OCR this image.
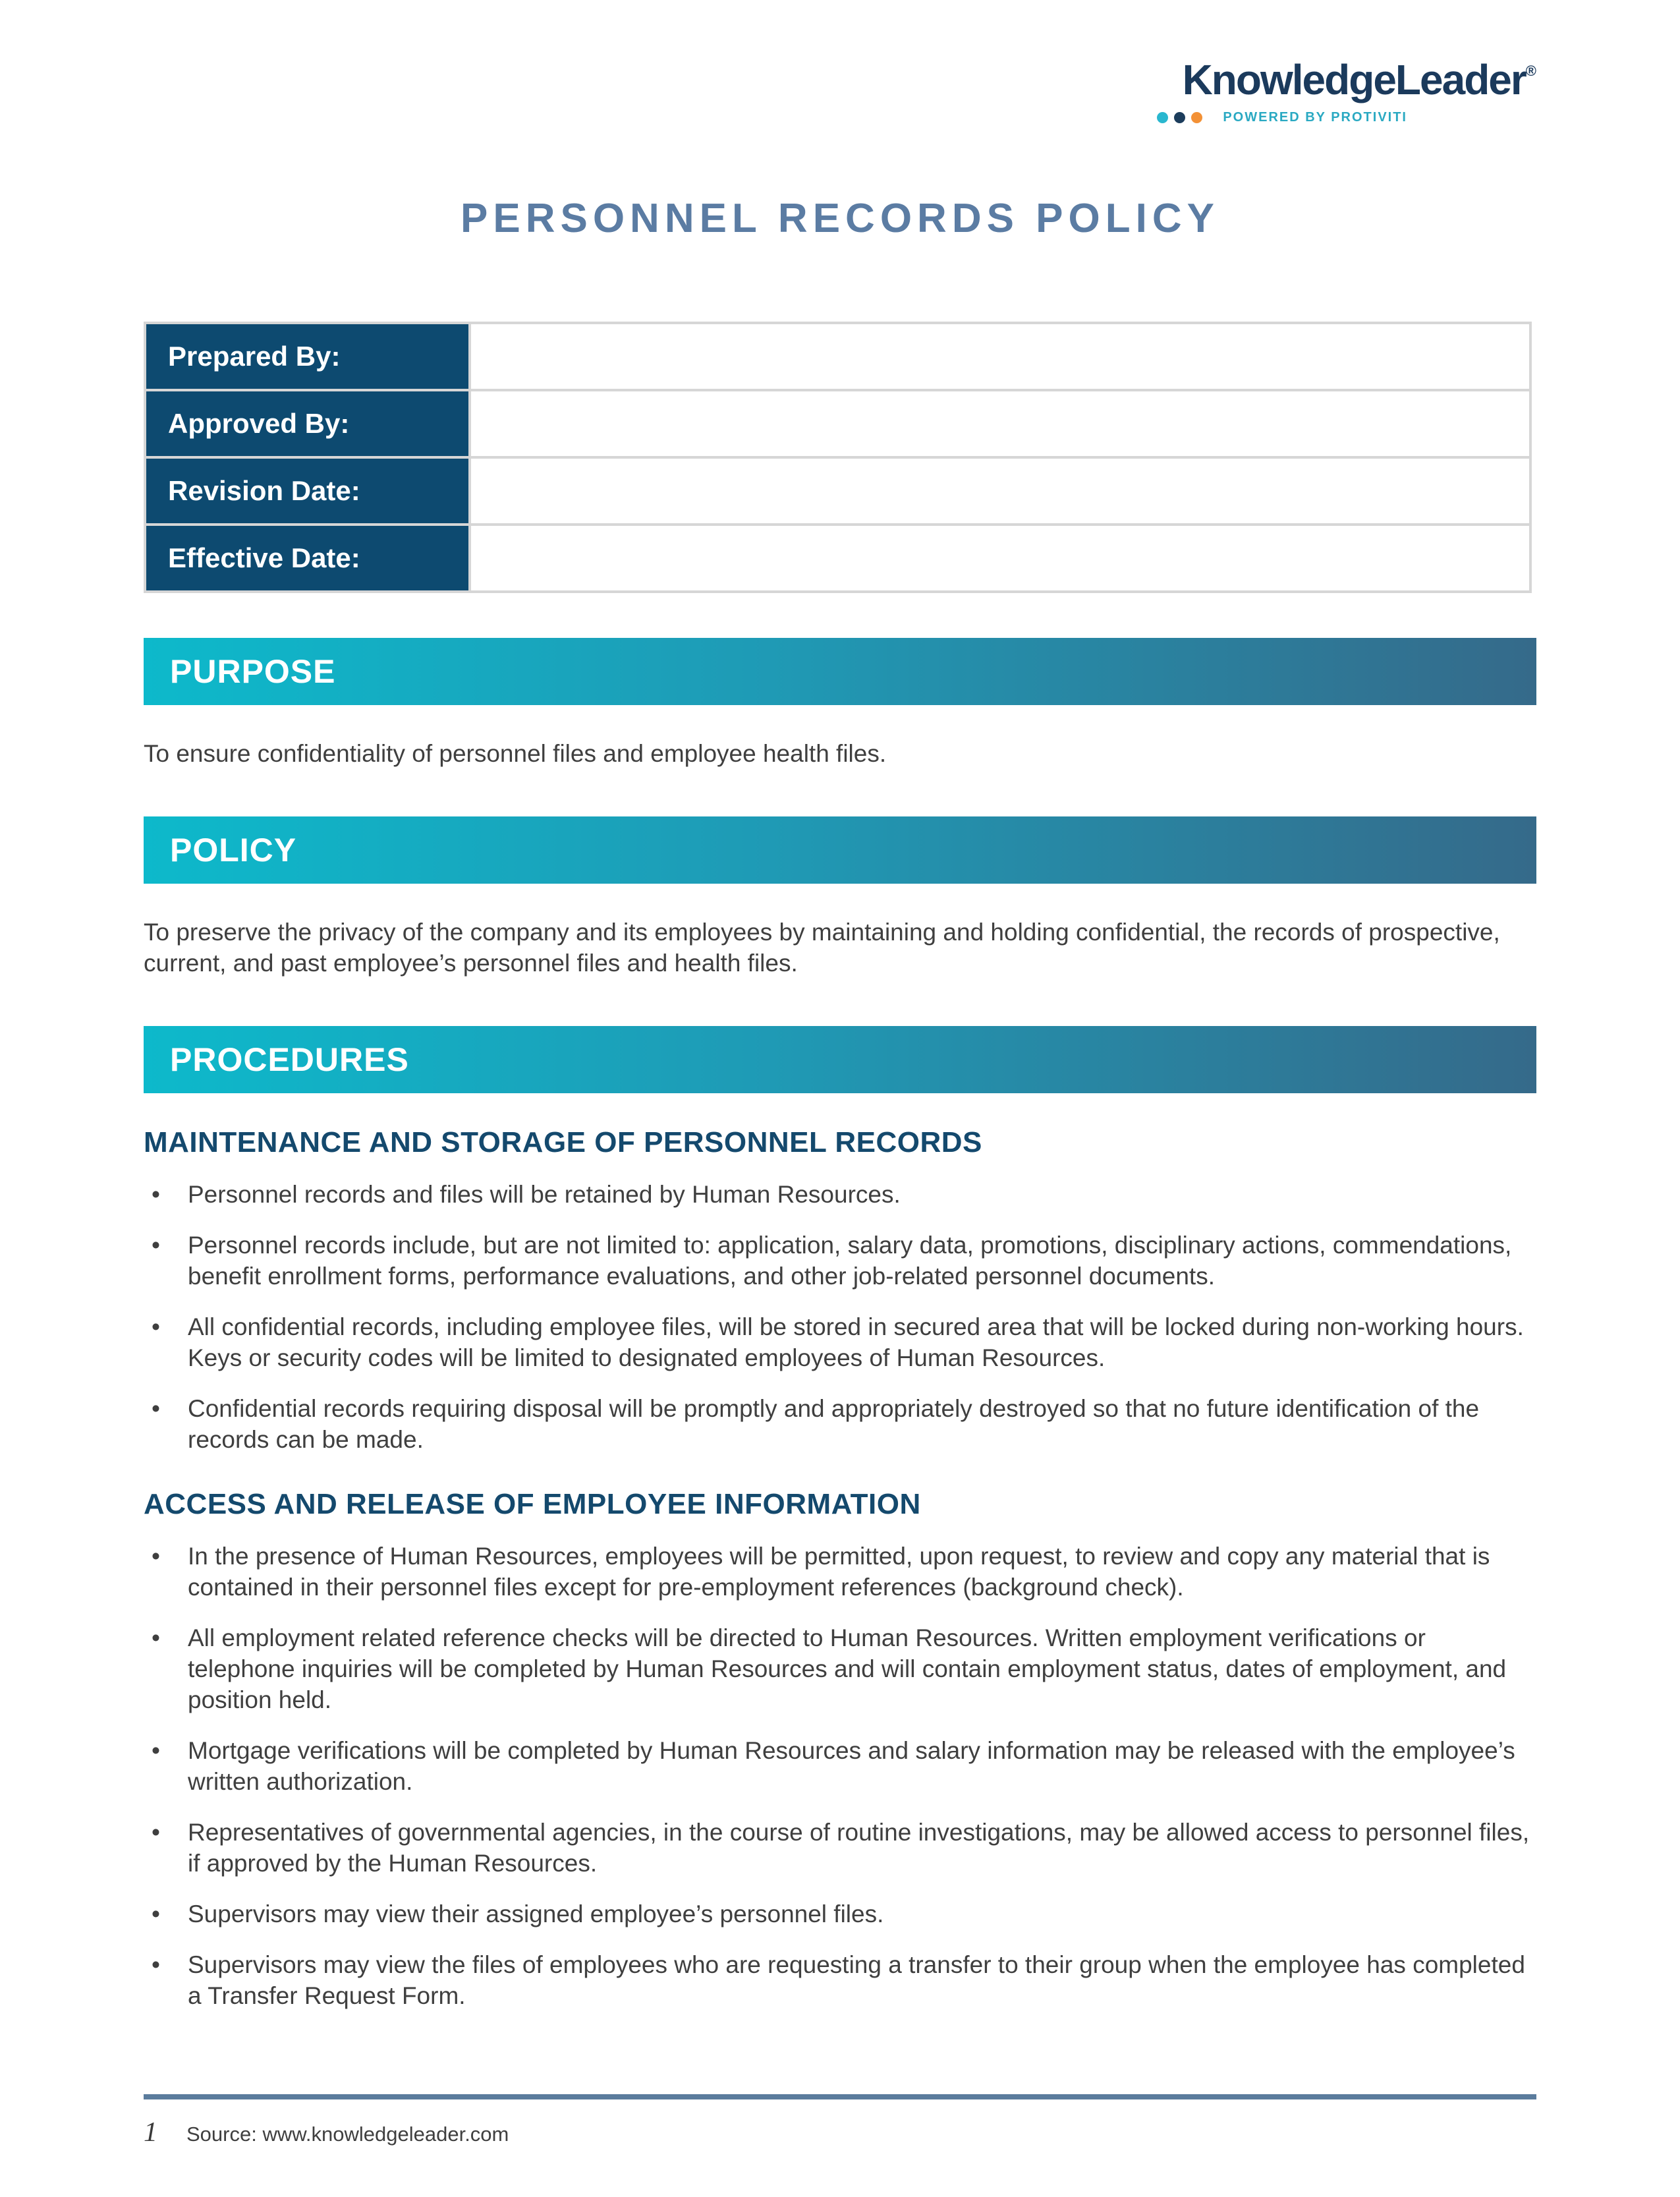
KnowledgeLeader®
POWERED BY PROTIVITI
PERSONNEL RECORDS POLICY
Prepared By:	
Approved By:	
Revision Date:	
Effective Date:	
PURPOSE

To ensure confidentiality of personnel files and employee health files.

POLICY

To preserve the privacy of the company and its employees by maintaining and holding confidential, the records of prospective, current, and past employee’s personnel files and health files.

PROCEDURES
MAINTENANCE AND STORAGE OF PERSONNEL RECORDS
• Personnel records and files will be retained by Human Resources.
• Personnel records include, but are not limited to: application, salary data, promotions, disciplinary actions, commendations, benefit enrollment forms, performance evaluations, and other job-related personnel documents.
• All confidential records, including employee files, will be stored in secured area that will be locked during non-working hours. Keys or security codes will be limited to designated employees of Human Resources.
• Confidential records requiring disposal will be promptly and appropriately destroyed so that no future identification of the records can be made.
ACCESS AND RELEASE OF EMPLOYEE INFORMATION
• In the presence of Human Resources, employees will be permitted, upon request, to review and copy any material that is contained in their personnel files except for pre-employment references (background check).
• All employment related reference checks will be directed to Human Resources. Written employment verifications or telephone inquiries will be completed by Human Resources and will contain employment status, dates of employment, and position held.
• Mortgage verifications will be completed by Human Resources and salary information may be released with the employee’s written authorization.
• Representatives of governmental agencies, in the course of routine investigations, may be allowed access to personnel files, if approved by the Human Resources.
• Supervisors may view their assigned employee’s personnel files.
• Supervisors may view the files of employees who are requesting a transfer to their group when the employee has completed a Transfer Request Form.
1 Source: www.knowledgeleader.com
